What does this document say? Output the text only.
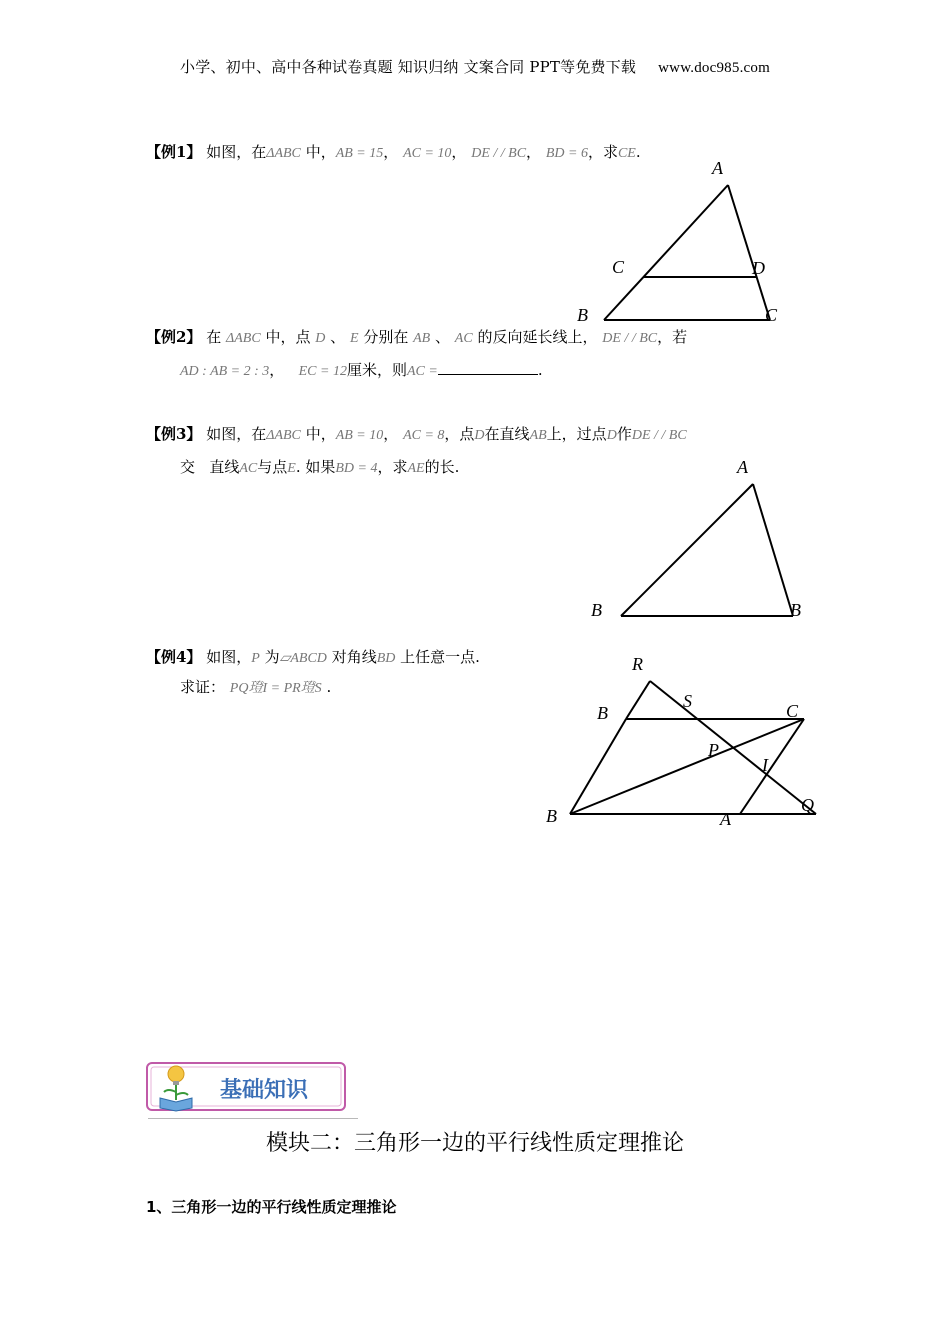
小学、初中、高中各种试卷真题 知识归纳 文案合同 PPT等免费下载 www.doc985.com
【例1】 如图，在ΔABC 中，AB = 15， AC = 10， DE / / BC， BD = 6，求CE.
A
C	D
B	C
【例2】 在 ΔABC 中，点 D 、 E 分别在 AB 、 AC 的反向延长线上， DE / / BC，若
AD : AB = 2 : 3， EC = 12厘米，则AC =	.
【例3】 如图，在ΔABC 中，AB = 10， AC = 8，点D在直线AB上，过点D作DE / / BC
交 直线AC与点E. 如果BD = 4，求AE的长.	A
B	B
【例4】 如图，P 为▱ABCD 对角线BD 上任意一点.
求证： PQ璒I = PR璒S .
R
S
B	C
P
I
Q
B	A
基础知识
模块二：三角形一边的平行线性质定理推论
1、三角形一边的平行线性质定理推论
